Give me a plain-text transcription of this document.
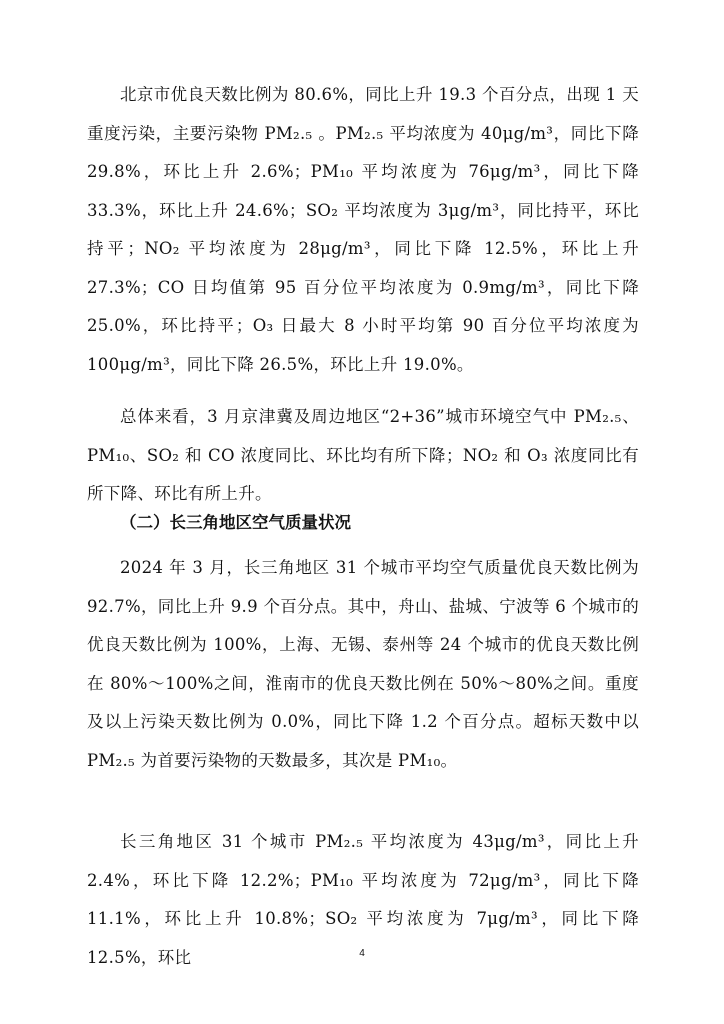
北京市优良天数比例为 80.6%，同比上升 19.3 个百分点，出现 1 天重度污染，主要污染物 PM₂.₅ 。PM₂.₅ 平均浓度为 40μg/m³，同比下降 29.8%，环比上升 2.6%；PM₁₀ 平均浓度为 76μg/m³，同比下降 33.3%，环比上升 24.6%；SO₂ 平均浓度为 3μg/m³，同比持平，环比持平；NO₂ 平均浓度为 28μg/m³，同比下降 12.5%，环比上升 27.3%；CO 日均值第 95 百分位平均浓度为 0.9mg/m³，同比下降 25.0%，环比持平；O₃ 日最大 8 小时平均第 90 百分位平均浓度为 100μg/m³，同比下降 26.5%，环比上升 19.0%。

总体来看，3 月京津冀及周边地区“2+36”城市环境空气中 PM₂.₅、PM₁₀、SO₂ 和 CO 浓度同比、环比均有所下降；NO₂ 和 O₃ 浓度同比有所下降、环比有所上升。

（二）长三角地区空气质量状况

2024 年 3 月，长三角地区 31 个城市平均空气质量优良天数比例为 92.7%，同比上升 9.9 个百分点。其中，舟山、盐城、宁波等 6 个城市的优良天数比例为 100%，上海、无锡、泰州等 24 个城市的优良天数比例在 80%～100%之间，淮南市的优良天数比例在 50%～80%之间。重度及以上污染天数比例为 0.0%，同比下降 1.2 个百分点。超标天数中以 PM₂.₅ 为首要污染物的天数最多，其次是 PM₁₀。

长三角地区 31 个城市 PM₂.₅ 平均浓度为 43μg/m³，同比上升 2.4%，环比下降 12.2%；PM₁₀ 平均浓度为 72μg/m³，同比下降 11.1%，环比上升 10.8%；SO₂ 平均浓度为 7μg/m³，同比下降 12.5%，环比	4
